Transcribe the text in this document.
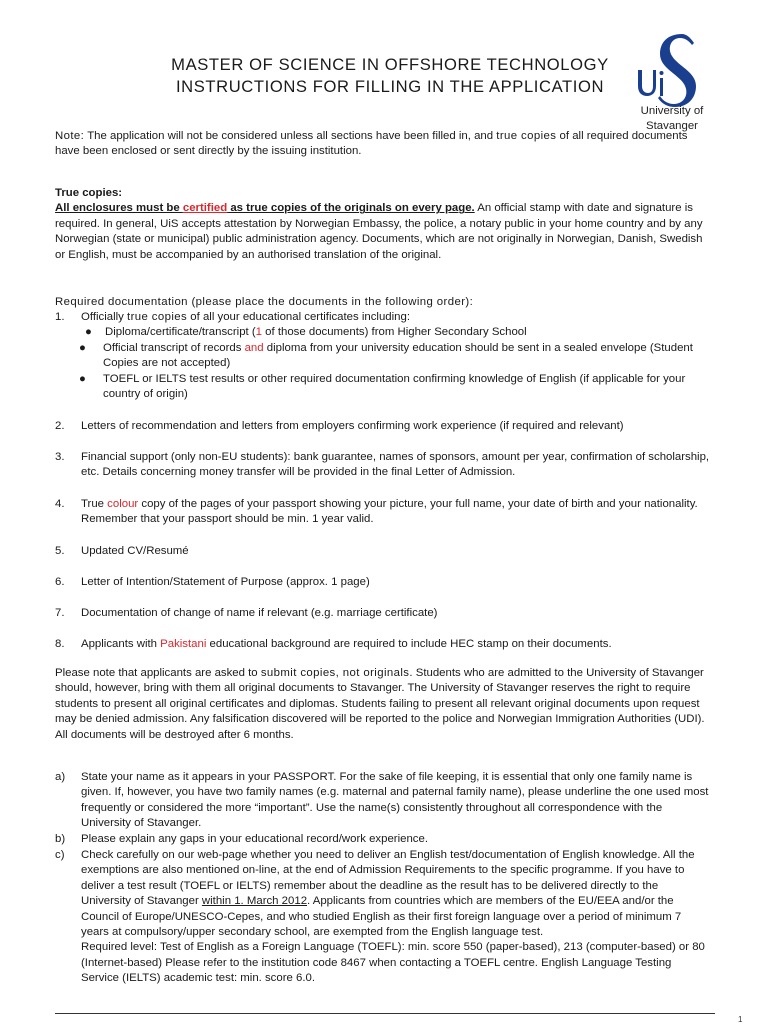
MASTER OF SCIENCE IN OFFSHORE TECHNOLOGY
INSTRUCTIONS FOR FILLING IN THE APPLICATION
University of
Stavanger

Note: The application will not be considered unless all sections have been filled in, and true copies of all required documents have been enclosed or sent directly by the issuing institution.

True copies:

All enclosures must be certified as true copies of the originals on every page. An official stamp with date and signature is required. In general, UiS accepts attestation by Norwegian Embassy, the police, a notary public in your home country and by any Norwegian (state or municipal) public administration agency. Documents, which are not originally in Norwegian, Danish, Swedish or English, must be accompanied by an authorised translation of the original.

Required documentation (please place the documents in the following order):
1. Officially true copies of all your educational certificates including:

● Diploma/certificate/transcript (1 of those documents) from Higher Secondary School
● Official transcript of records and diploma from your university education should be sent in a sealed envelope (Student Copies are not accepted)
● TOEFL or IELTS test results or other required documentation confirming knowledge of English (if applicable for your country of origin)
2. Letters of recommendation and letters from employers confirming work experience (if required and relevant)

3. Financial support (only non-EU students): bank guarantee, names of sponsors, amount per year, confirmation of scholarship, etc. Details concerning money transfer will be provided in the final Letter of Admission.

4. True colour copy of the pages of your passport showing your picture, your full name, your date of birth and your nationality. Remember that your passport should be min. 1 year valid.

5. Updated CV/Resumé

6. Letter of Intention/Statement of Purpose (approx. 1 page)

7. Documentation of change of name if relevant (e.g. marriage certificate)

8. Applicants with Pakistani educational background are required to include HEC stamp on their documents.

Please note that applicants are asked to submit copies, not originals. Students who are admitted to the University of Stavanger should, however, bring with them all original documents to Stavanger. The University of Stavanger reserves the right to require students to present all original certificates and diplomas. Students failing to present all relevant original documents upon request may be denied admission. Any falsification discovered will be reported to the police and Norwegian Immigration Authorities (UDI). All documents will be destroyed after 6 months.

a) State your name as it appears in your PASSPORT. For the sake of file keeping, it is essential that only one family name is given. If, however, you have two family names (e.g. maternal and paternal family name), please underline the one used most frequently or considered the more “important”. Use the name(s) consistently throughout all correspondence with the University of Stavanger.

b) Please explain any gaps in your educational record/work experience.

c) Check carefully on our web-page whether you need to deliver an English test/documentation of English knowledge. All the exemptions are also mentioned on-line, at the end of Admission Requirements to the specific programme. If you have to deliver a test result (TOEFL or IELTS) remember about the deadline as the result has to be delivered directly to the University of Stavanger within 1. March 2012. Applicants from countries which are members of the EU/EEA and/or the Council of Europe/UNESCO-Cepes, and who studied English as their first foreign language over a period of minimum 7 years at compulsory/upper secondary school, are exempted from the English language test.

Required level: Test of English as a Foreign Language (TOEFL): min. score 550 (paper-based), 213 (computer-based) or 80 (Internet-based) Please refer to the institution code 8467 when contacting a TOEFL centre. English Language Testing Service (IELTS) academic test: min. score 6.0.

1
